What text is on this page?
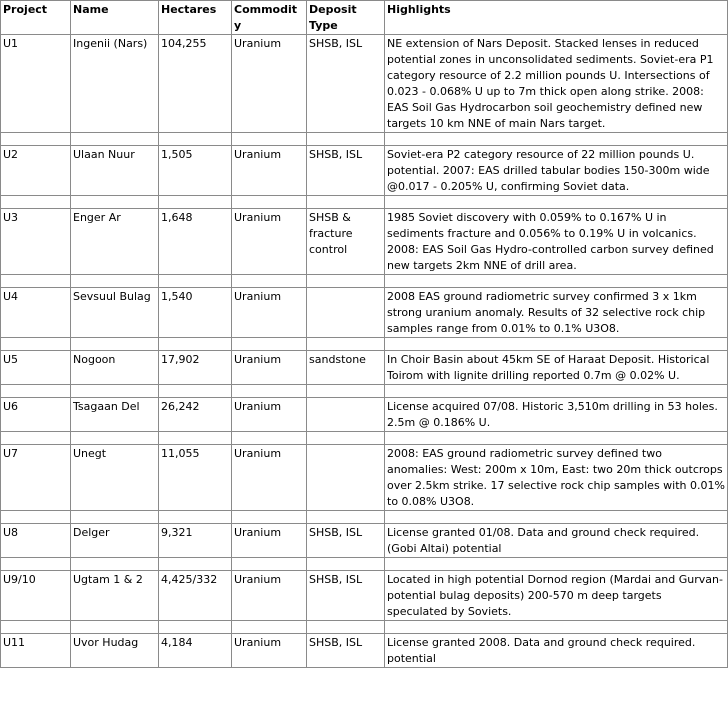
Project	Name	Hectares	Commodity	Deposit Type	Highlights
U1	Ingenii (Nars)	104,255	Uranium	SHSB, ISL	NE extension of Nars Deposit. Stacked lenses in reduced potential zones in unconsolidated sediments. Soviet-era P1 category resource of 2.2 million pounds U. Intersections of 0.023 - 0.068% U up to 7m thick open along strike. 2008: EAS Soil Gas Hydrocarbon soil geochemistry defined new targets 10 km NNE of main Nars target.

U2	Ulaan Nuur	1,505	Uranium	SHSB, ISL	Soviet-era P2 category resource of 22 million pounds U. potential. 2007: EAS drilled tabular bodies 150-300m wide @0.017 - 0.205% U, confirming Soviet data.

U3	Enger Ar	1,648	Uranium	SHSB & fracture control	1985 Soviet discovery with 0.059% to 0.167% U in sediments fracture and 0.056% to 0.19% U in volcanics. 2008: EAS Soil Gas Hydro-controlled carbon survey defined new targets 2km NNE of drill area.

U4	Sevsuul Bulag	1,540	Uranium		2008 EAS ground radiometric survey confirmed 3 x 1km strong uranium anomaly. Results of 32 selective rock chip samples range from 0.01% to 0.1% U3O8.

U5	Nogoon	17,902	Uranium	sandstone	In Choir Basin about 45km SE of Haraat Deposit. Historical Toirom with lignite drilling reported 0.7m @ 0.02% U.

U6	Tsagaan Del	26,242	Uranium		License acquired 07/08. Historic 3,510m drilling in 53 holes. 2.5m @ 0.186% U.

U7	Unegt	11,055	Uranium		2008: EAS ground radiometric survey defined two anomalies: West: 200m x 10m, East: two 20m thick outcrops over 2.5km strike. 17 selective rock chip samples with 0.01% to 0.08% U3O8.

U8	Delger	9,321	Uranium	SHSB, ISL	License granted 01/08. Data and ground check required. (Gobi Altai) potential

U9/10	Ugtam 1 & 2	4,425/332	Uranium	SHSB, ISL	Located in high potential Dornod region (Mardai and Gurvan-potential bulag deposits) 200-570 m deep targets speculated by Soviets.

U11	Uvor Hudag	4,184	Uranium	SHSB, ISL	License granted 2008. Data and ground check required. potential
